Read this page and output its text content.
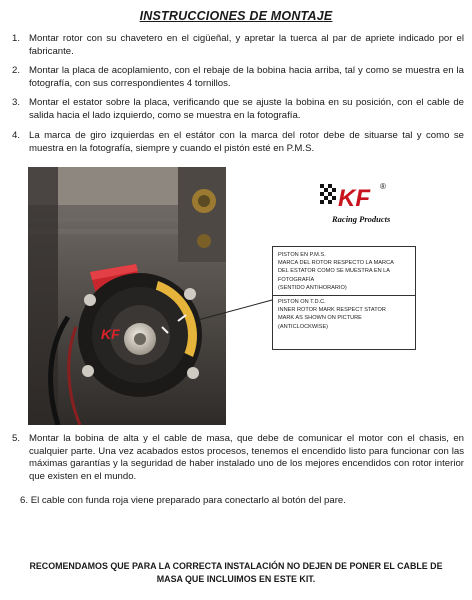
INSTRUCCIONES DE MONTAJE
1. Montar rotor con su chavetero en el cigüeñal, y apretar la tuerca al par de apriete indicado por el fabricante.
2. Montar la placa de acoplamiento, con el rebaje de la bobina hacia arriba, tal y como se muestra en la fotografía, con sus correspondientes 4 tornillos.
3. Montar el estator sobre la placa, verificando que se ajuste la bobina en su posición, con el cable de salida hacia el lado izquierdo, como se muestra en la fotografía.
4. La marca de giro izquierdas en el estátor con la marca del rotor debe de situarse tal y como se muestra en la fotografía, siempre y cuando el pistón esté en P.M.S.
5. Montar la bobina de alta y el cable de masa, que debe de comunicar el motor con el chasis, en cualquier parte. Una vez acabados estos procesos, tenemos el encendido listo para funcionar con las máximas garantías y la seguridad de haber instalado uno de los mejores encendidos con rotor interior que existen en el mundo.
KF
KF ®
Racing Products
PISTON EN P.M.S.
MARCA DEL ROTOR RESPECTO LA MARCA
DEL ESTATOR COMO SE MUESTRA EN LA
FOTOGRAFÍA
(SENTIDO ANTIHORARIO)
PISTON ON T.D.C.
INNER ROTOR MARK RESPECT STATOR
MARK AS SHOWN ON PICTURE
(ANTICLOCKWISE)
6. El cable con funda roja viene preparado para conectarlo al botón del pare.
RECOMENDAMOS QUE PARA LA CORRECTA INSTALACIÓN NO DEJEN DE PONER EL CABLE DE
MASA QUE INCLUIMOS EN ESTE KIT.
